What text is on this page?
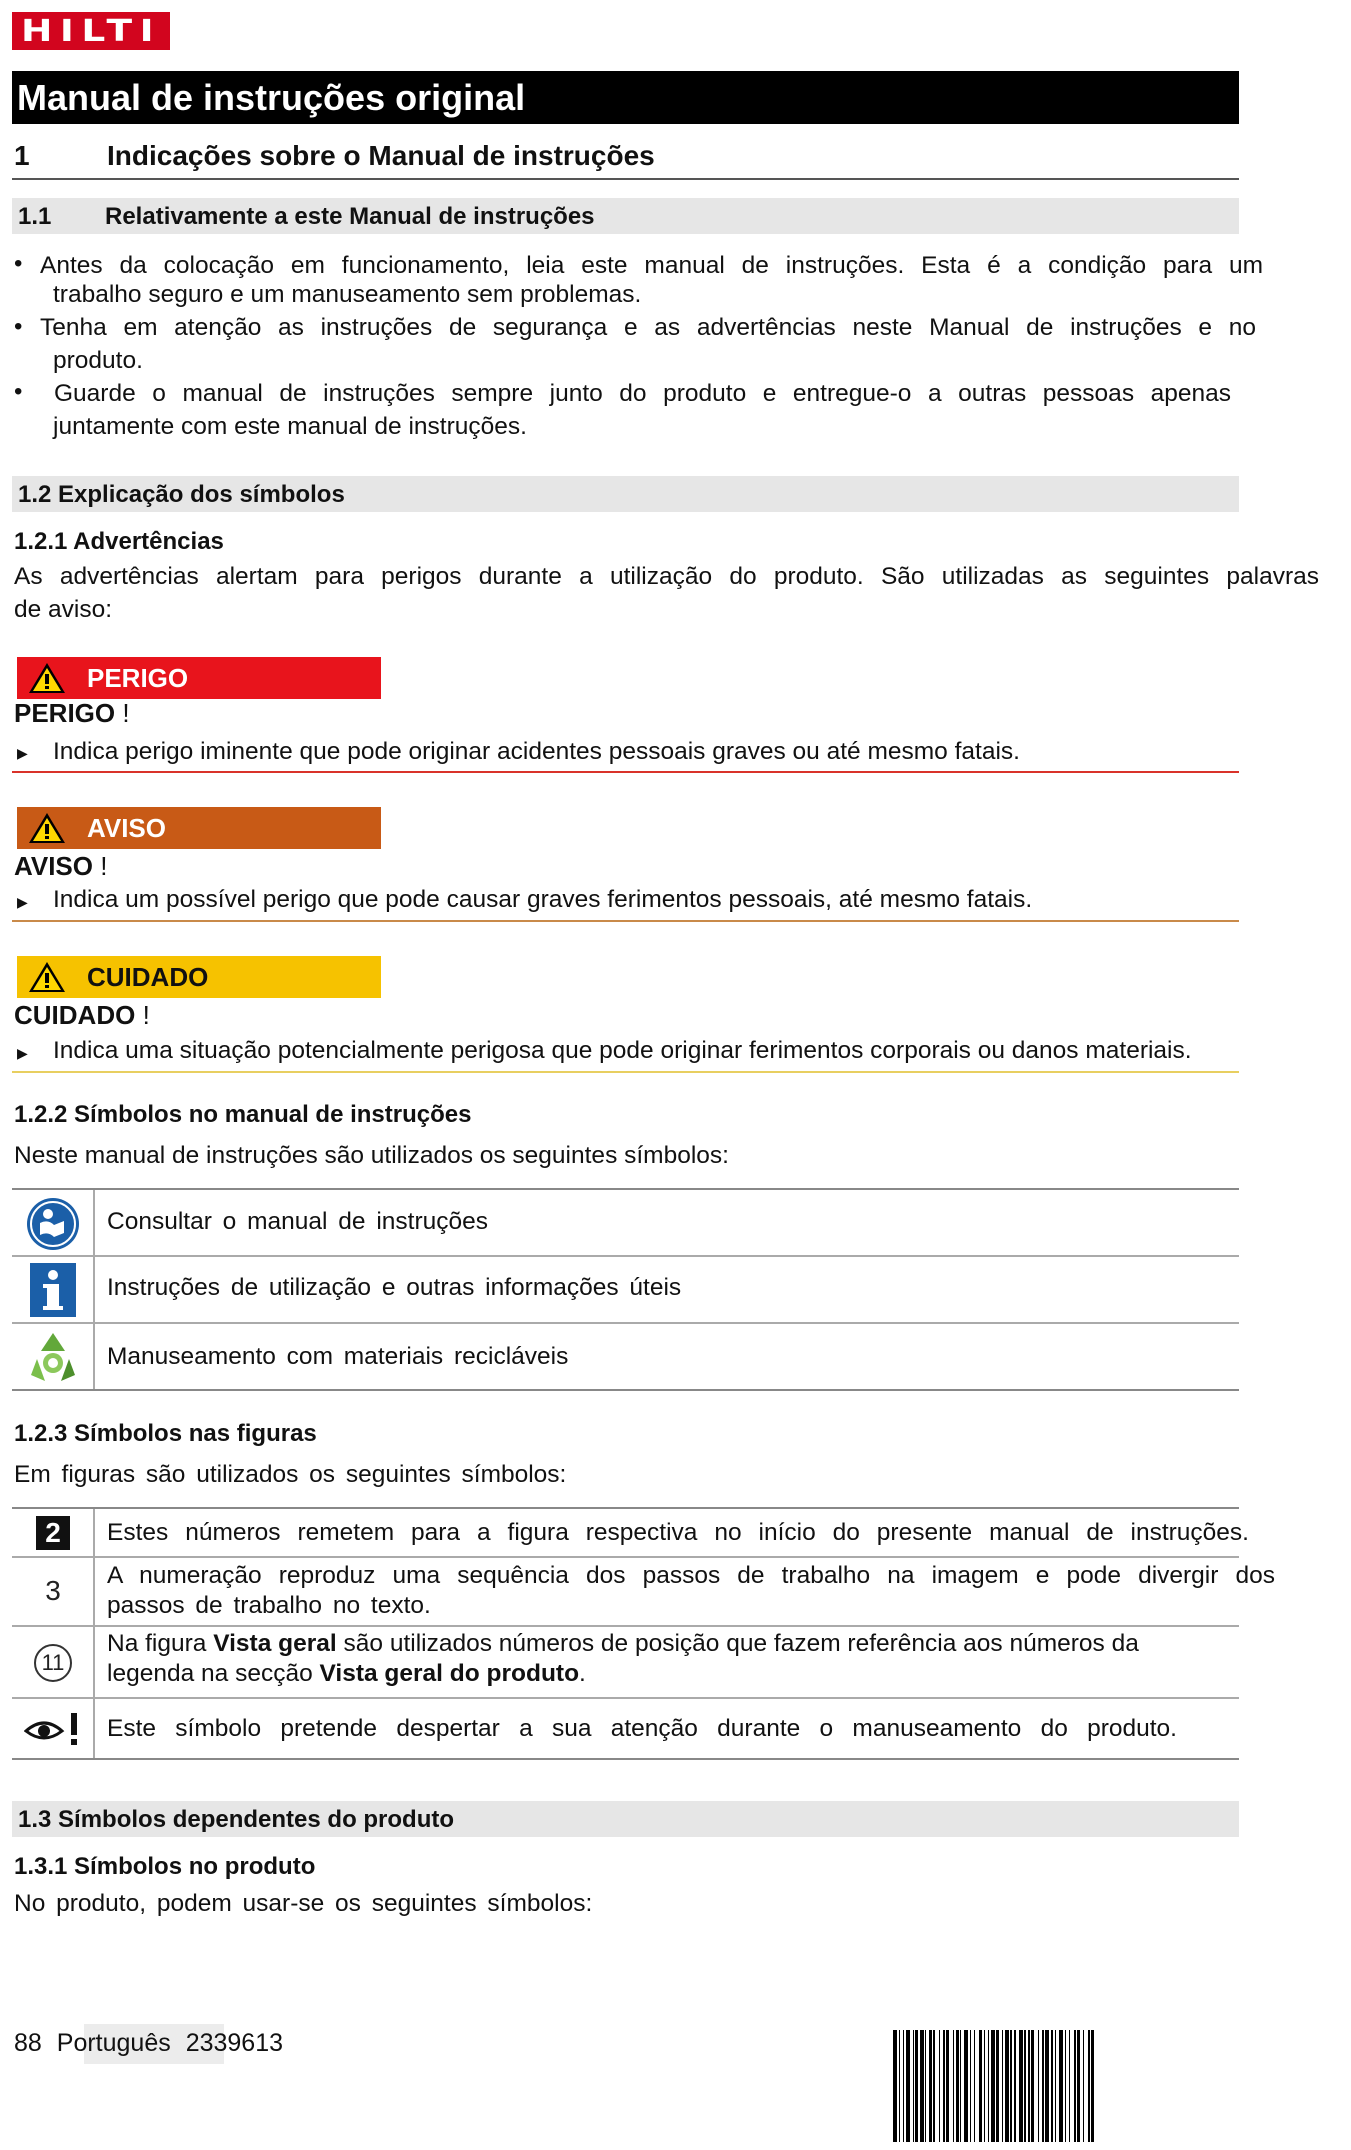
HILTI
Manual de instruções original
1	Indicações sobre o Manual de instruções
1.1 Relativamente a este Manual de instruções
• Antes da colocação em funcionamento, leia este manual de instruções. Esta é a condição para um
trabalho seguro e um manuseamento sem problemas.
• Tenha em atenção as instruções de segurança e as advertências neste Manual de instruções e no
produto.
• Guarde o manual de instruções sempre junto do produto e entregue-o a outras pessoas apenas
juntamente com este manual de instruções.
1.2 Explicação dos símbolos
1.2.1 Advertências
As advertências alertam para perigos durante a utilização do produto. São utilizadas as seguintes palavras
de aviso:
PERIGO
PERIGO !
▶ Indica perigo iminente que pode originar acidentes pessoais graves ou até mesmo fatais.
AVISO
AVISO !
▶ Indica um possível perigo que pode causar graves ferimentos pessoais, até mesmo fatais.
CUIDADO
CUIDADO !
▶ Indica uma situação potencialmente perigosa que pode originar ferimentos corporais ou danos materiais.
1.2.2 Símbolos no manual de instruções
Neste manual de instruções são utilizados os seguintes símbolos:
Consultar o manual de instruções
Instruções de utilização e outras informações úteis
Manuseamento com materiais recicláveis
1.2.3 Símbolos nas figuras
Em figuras são utilizados os seguintes símbolos:
2	Estes números remetem para a figura respectiva no início do presente manual de instruções.
3 A numeração reproduz uma sequência dos passos de trabalho na imagem e pode divergir dos
passos de trabalho no texto.
11
Na figura Vista geral são utilizados números de posição que fazem referência aos números da
legenda na secção Vista geral do produto.
Este símbolo pretende despertar a sua atenção durante o manuseamento do produto.
1.3 Símbolos dependentes do produto
1.3.1 Símbolos no produto
No produto, podem usar-se os seguintes símbolos:
88 Português 2339613
